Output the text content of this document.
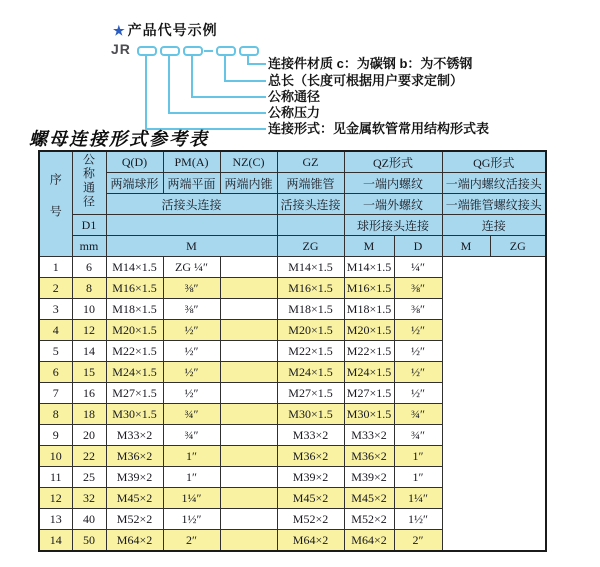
★ 产品代号示例
JR
连接件材质 c：为碳钢 b：为不锈钢
总长（长度可根据用户要求定制）
公称通径
公称压力
连接形式：见金属软管常用结构形式表
螺母连接形式参考表
序号	公称通径	Q(D)	PM(A)	NZ(C)	GZ	QZ形式		QG形式	
		两端球形	两端平面	两端内锥	两端锥管	一端内螺纹		一端内螺纹活接头	
		活接头连接			活接头连接	一端外螺纹		一端锥管螺纹接头	
	D1					球形接头连接		连接	
	mm	M			ZG	M	D	M	ZG
1	6	M14×1.5	ZG ¼″		M14×1.5	M14×1.5	¼″		
2	8	M16×1.5	⅜″		M16×1.5	M16×1.5	⅜″		
3	10	M18×1.5	⅜″		M18×1.5	M18×1.5	⅜″		
4	12	M20×1.5	½″		M20×1.5	M20×1.5	½″		
5	14	M22×1.5	½″		M22×1.5	M22×1.5	½″		
6	15	M24×1.5	½″		M24×1.5	M24×1.5	½″		
7	16	M27×1.5	½″		M27×1.5	M27×1.5	½″		
8	18	M30×1.5	¾″		M30×1.5	M30×1.5	¾″		
9	20	M33×2	¾″		M33×2	M33×2	¾″		
10	22	M36×2	1″		M36×2	M36×2	1″		
11	25	M39×2	1″		M39×2	M39×2	1″		
12	32	M45×2	1¼″		M45×2	M45×2	1¼″		
13	40	M52×2	1½″		M52×2	M52×2	1½″		
14	50	M64×2	2″		M64×2	M64×2	2″		
